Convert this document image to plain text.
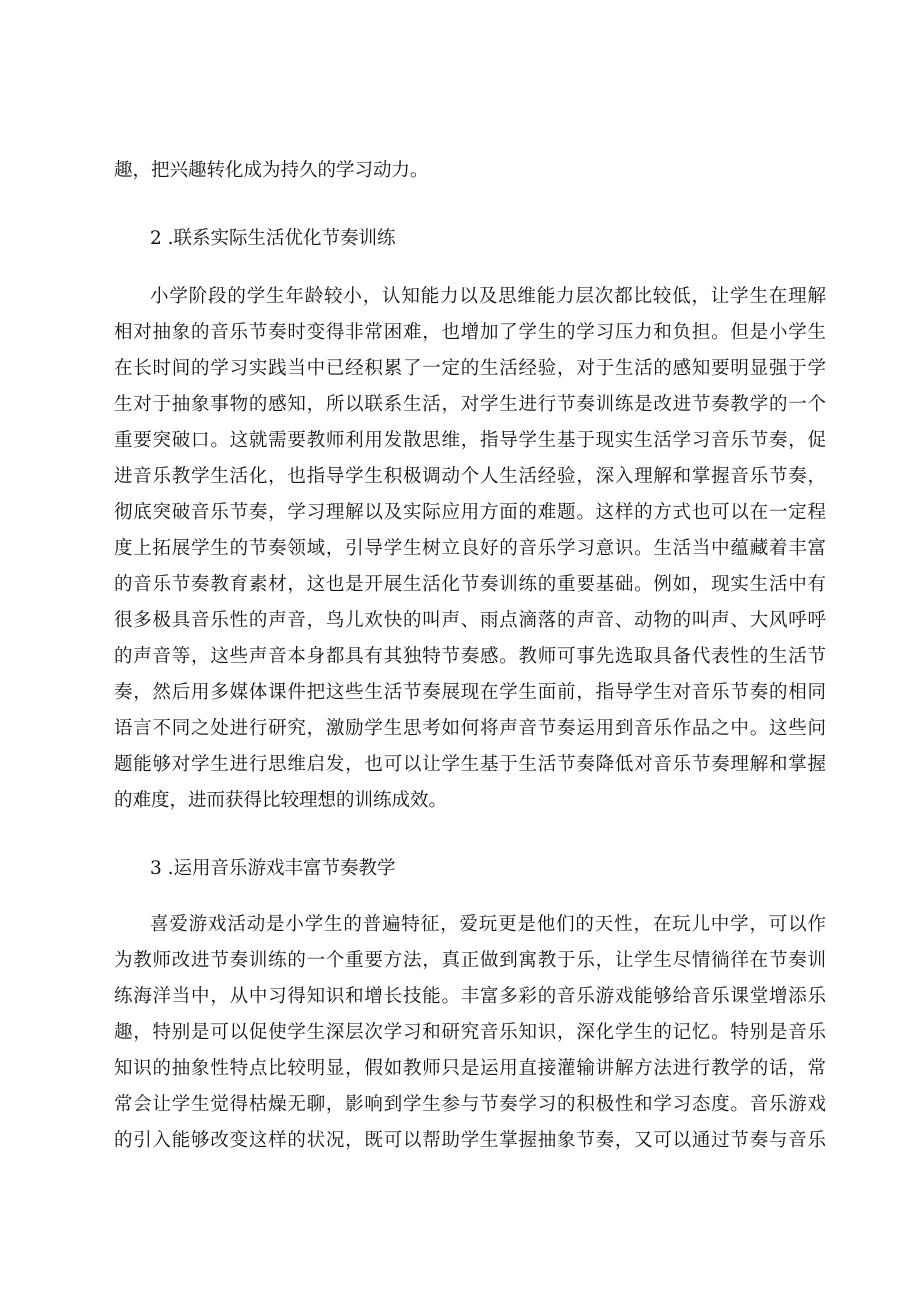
趣，把兴趣转化成为持久的学习动力。
2 .联系实际生活优化节奏训练
小学阶段的学生年龄较小，认知能力以及思维能力层次都比较低，让学生在理解
相对抽象的音乐节奏时变得非常困难，也增加了学生的学习压力和负担。但是小学生
在长时间的学习实践当中已经积累了一定的生活经验，对于生活的感知要明显强于学
生对于抽象事物的感知，所以联系生活，对学生进行节奏训练是改进节奏教学的一个
重要突破口。这就需要教师利用发散思维，指导学生基于现实生活学习音乐节奏，促
进音乐教学生活化，也指导学生积极调动个人生活经验，深入理解和掌握音乐节奏，
彻底突破音乐节奏，学习理解以及实际应用方面的难题。这样的方式也可以在一定程
度上拓展学生的节奏领域，引导学生树立良好的音乐学习意识。生活当中蕴藏着丰富
的音乐节奏教育素材，这也是开展生活化节奏训练的重要基础。例如，现实生活中有
很多极具音乐性的声音，鸟儿欢快的叫声、雨点滴落的声音、动物的叫声、大风呼呼
的声音等，这些声音本身都具有其独特节奏感。教师可事先选取具备代表性的生活节
奏，然后用多媒体课件把这些生活节奏展现在学生面前，指导学生对音乐节奏的相同
语言不同之处进行研究，激励学生思考如何将声音节奏运用到音乐作品之中。这些问
题能够对学生进行思维启发，也可以让学生基于生活节奏降低对音乐节奏理解和掌握
的难度，进而获得比较理想的训练成效。
3 .运用音乐游戏丰富节奏教学
喜爱游戏活动是小学生的普遍特征，爱玩更是他们的天性，在玩儿中学，可以作
为教师改进节奏训练的一个重要方法，真正做到寓教于乐，让学生尽情徜徉在节奏训
练海洋当中，从中习得知识和增长技能。丰富多彩的音乐游戏能够给音乐课堂增添乐
趣，特别是可以促使学生深层次学习和研究音乐知识，深化学生的记忆。特别是音乐
知识的抽象性特点比较明显，假如教师只是运用直接灌输讲解方法进行教学的话，常
常会让学生觉得枯燥无聊，影响到学生参与节奏学习的积极性和学习态度。音乐游戏
的引入能够改变这样的状况，既可以帮助学生掌握抽象节奏，又可以通过节奏与音乐
